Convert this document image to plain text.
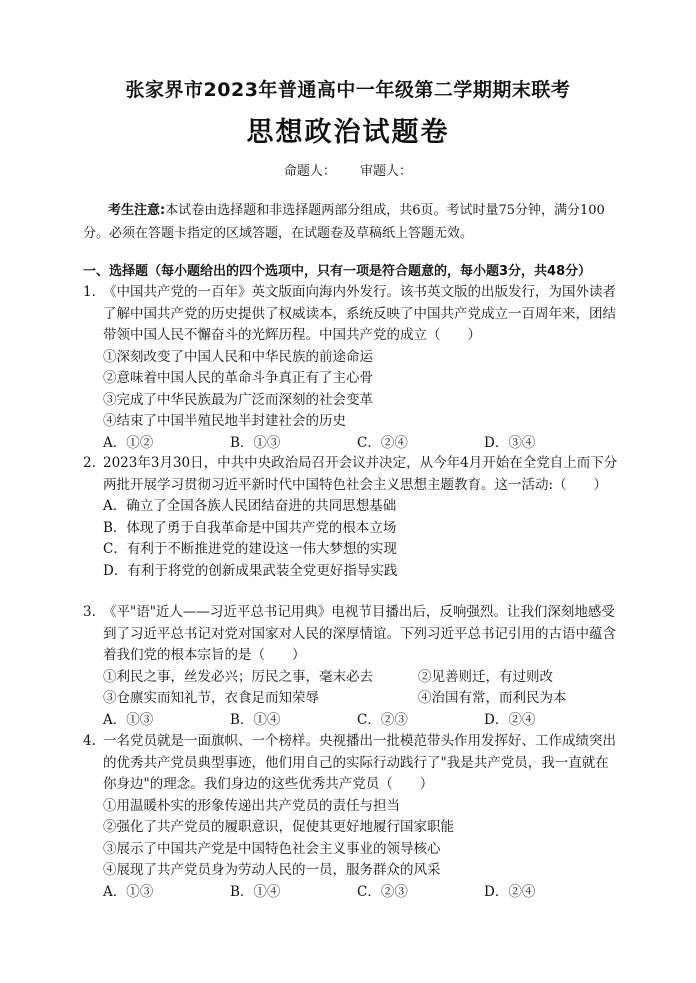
张家界市2023年普通高中一年级第二学期期末联考
思想政治试题卷
命题人： 审题人：
考生注意:本试卷由选择题和非选择题两部分组成，共6页。考试时量75分钟，满分100分。必须在答题卡指定的区域答题，在试题卷及草稿纸上答题无效。
一、选择题（每小题给出的四个选项中，只有一项是符合题意的，每小题3分，共48分）
1. 《中国共产党的一百年》英文版面向海内外发行。该书英文版的出版发行，为国外读者了解中国共产党的历史提供了权威读本，系统反映了中国共产党成立一百周年来，团结带领中国人民不懈奋斗的光辉历程。中国共产党的成立（　　）
①深刻改变了中国人民和中华民族的前途命运
②意味着中国人民的革命斗争真正有了主心骨
③完成了中华民族最为广泛而深刻的社会变革
④结束了中国半殖民地半封建社会的历史
A．①②	B．①③	C．②④	D．③④
2. 2023年3月30日，中共中央政治局召开会议并决定，从今年4月开始在全党自上而下分两批开展学习贯彻习近平新时代中国特色社会主义思想主题教育。这一活动:（　　）
A．确立了全国各族人民团结奋进的共同思想基础
B．体现了勇于自我革命是中国共产党的根本立场
C．有利于不断推进党的建设这一伟大梦想的实现
D．有利于将党的创新成果武装全党更好指导实践
3. 《平"语"近人——习近平总书记用典》电视节目播出后，反响强烈。让我们深刻地感受到了习近平总书记对党对国家对人民的深厚情谊。下列习近平总书记引用的古语中蕴含着我们党的根本宗旨的是（　　）
①利民之事，丝发必兴；厉民之事，毫末必去	②见善则迁，有过则改
③仓廪实而知礼节，衣食足而知荣辱	④治国有常，而利民为本
A．①③	B．①④	C．②③	D．②④
4. 一名党员就是一面旗帜、一个榜样。央视播出一批模范带头作用发挥好、工作成绩突出的优秀共产党员典型事迹，他们用自己的实际行动践行了"我是共产党员，我一直就在你身边"的理念。我们身边的这些优秀共产党员（　　）
①用温暖朴实的形象传递出共产党员的责任与担当
②强化了共产党员的履职意识，促使其更好地履行国家职能
③展示了中国共产党是中国特色社会主义事业的领导核心
④展现了共产党员身为劳动人民的一员，服务群众的风采
A．①③	B．①④	C．②③	D．②④
